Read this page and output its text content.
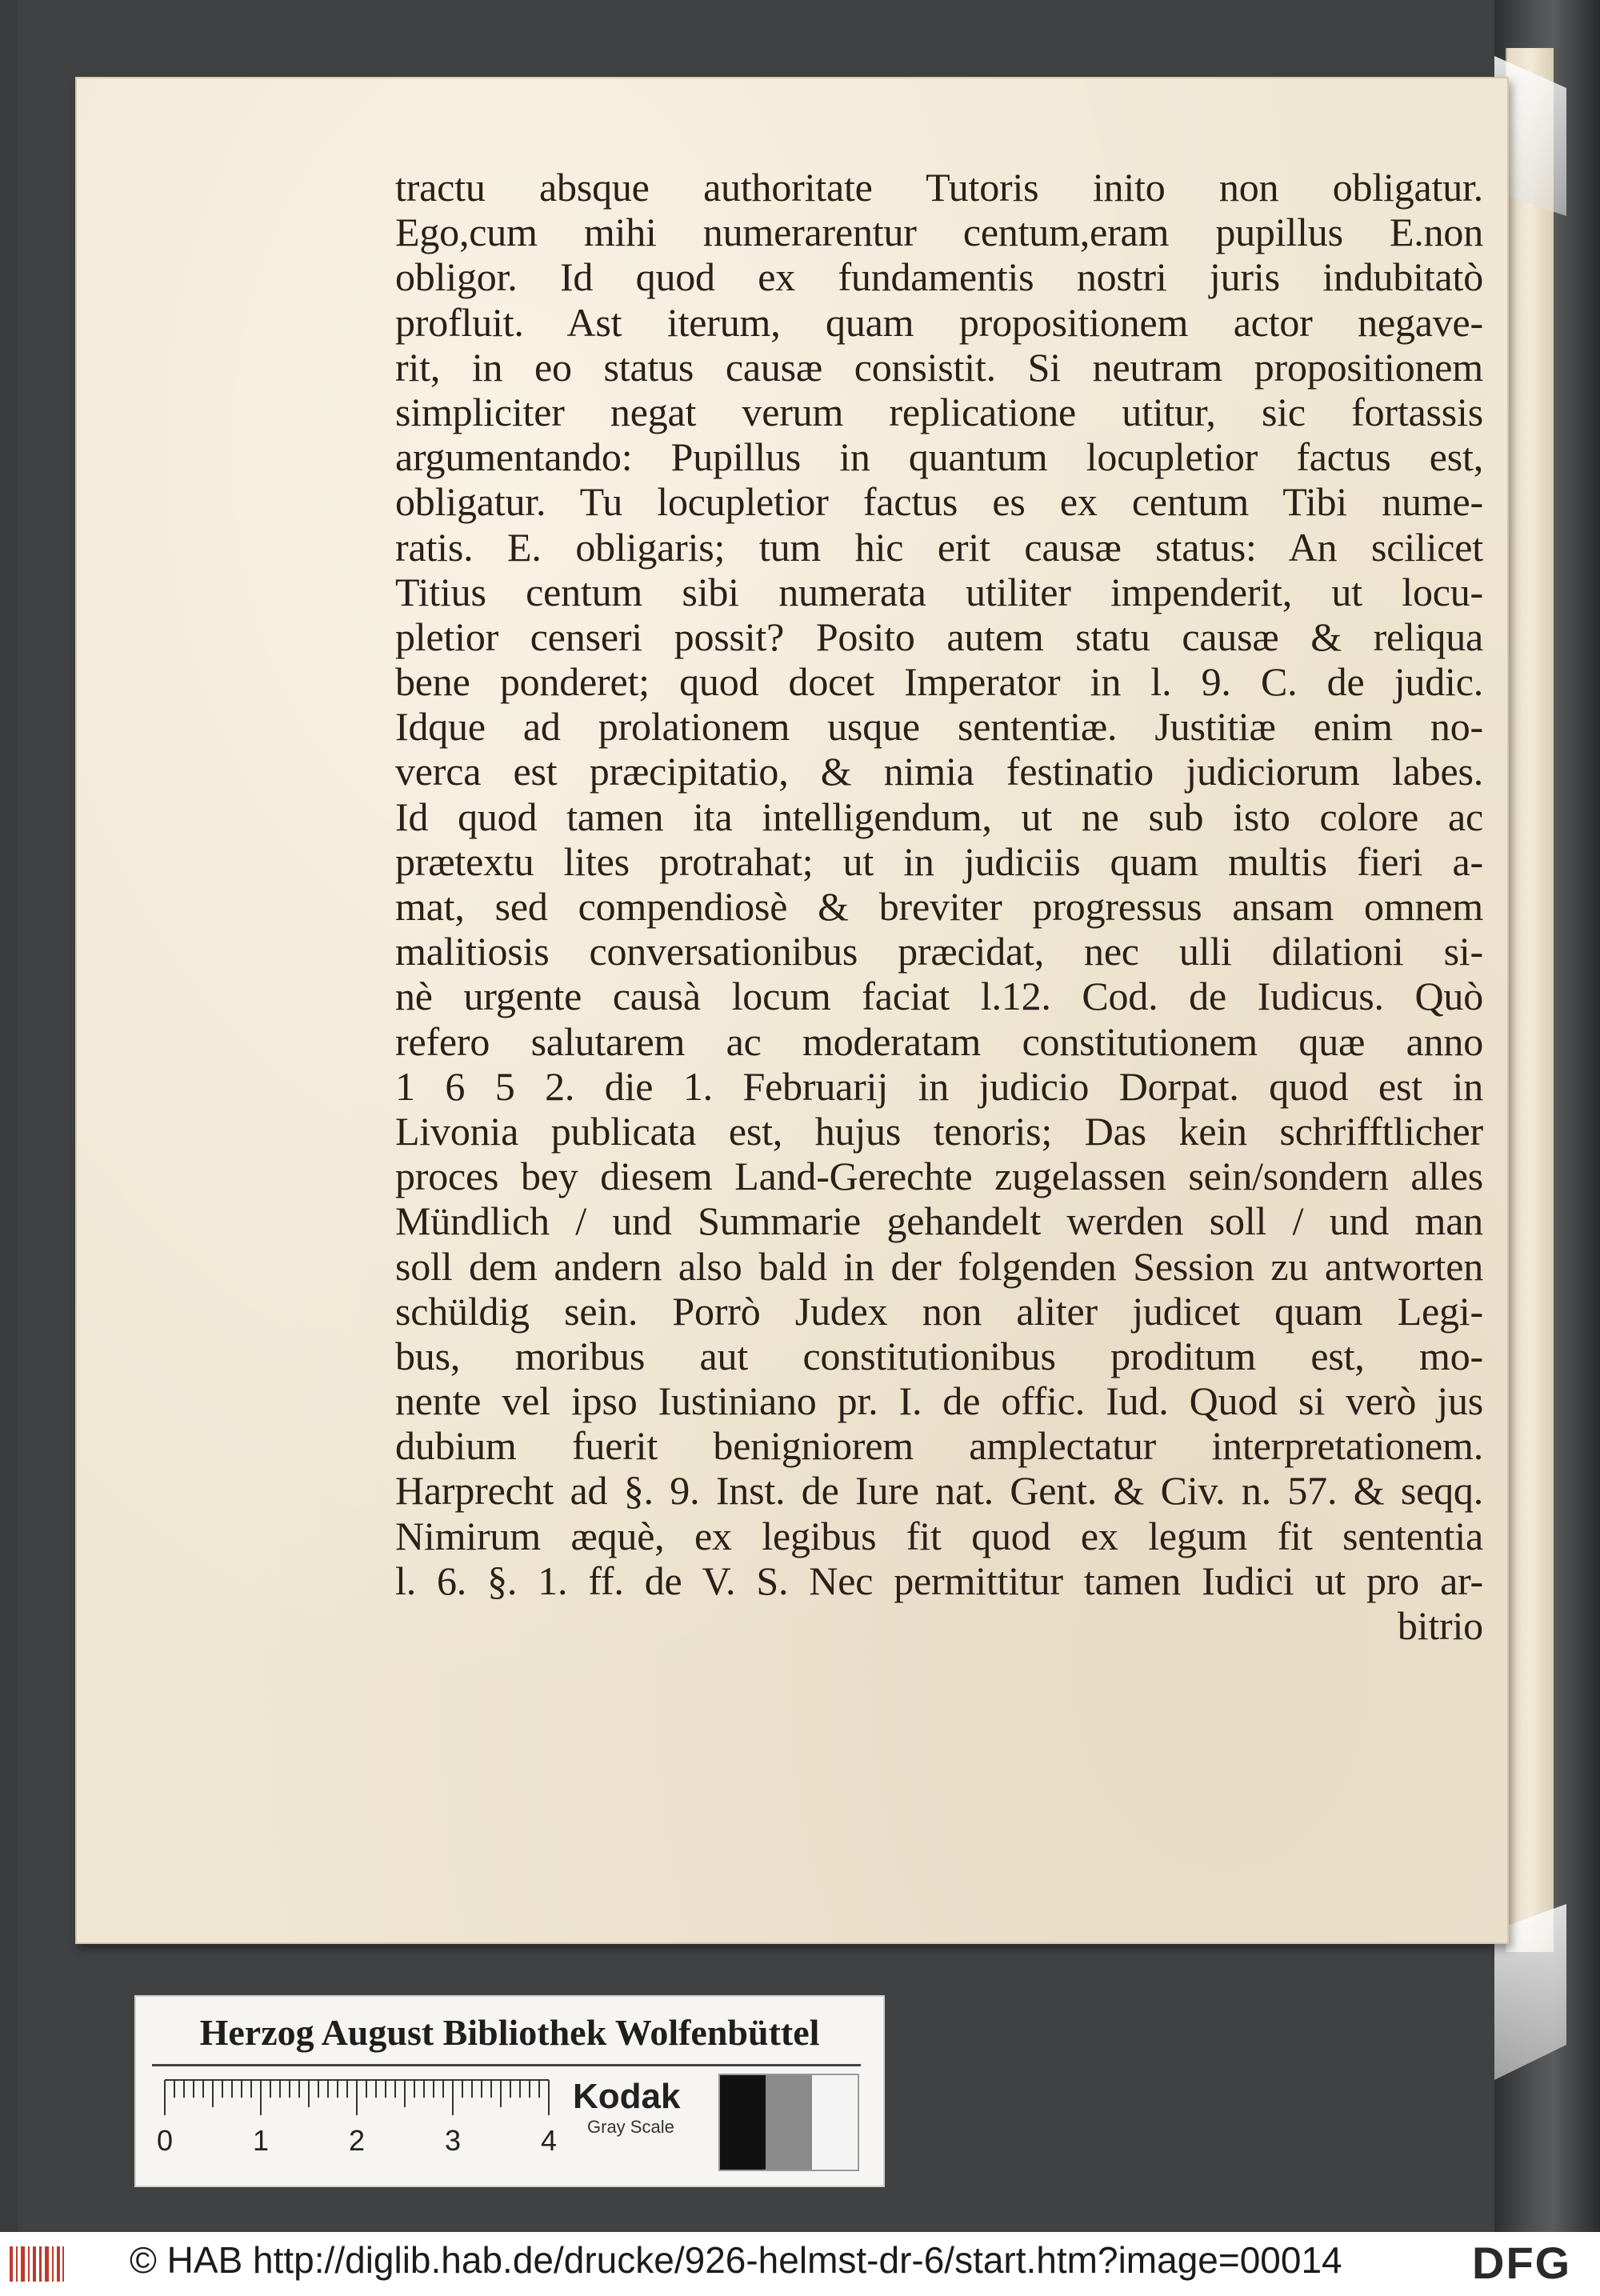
tractu absque authoritate Tutoris inito non obligatur.
Ego,cum mihi numerarentur centum,eram pupillus E.non
obligor. Id quod ex fundamentis nostri juris indubitatò
profluit. Ast iterum, quam propositionem actor negave-
rit, in eo status causæ consistit. Si neutram propositionem
simpliciter negat verum replicatione utitur, sic fortassis
argumentando: Pupillus in quantum locupletior factus est,
obligatur. Tu locupletior factus es ex centum Tibi nume-
ratis. E. obligaris; tum hic erit causæ status: An scilicet
Titius centum sibi numerata utiliter impenderit, ut locu-
pletior censeri possit? Posito autem statu causæ & reliqua
bene ponderet; quod docet Imperator in l. 9. C. de judic.
Idque ad prolationem usque sententiæ. Justitiæ enim no-
verca est præcipitatio, & nimia festinatio judiciorum labes.
Id quod tamen ita intelligendum, ut ne sub isto colore ac
prætextu lites protrahat; ut in judiciis quam multis fieri a-
mat, sed compendiosè & breviter progressus ansam omnem
malitiosis conversationibus præcidat, nec ulli dilationi si-
nè urgente causà locum faciat l.12. Cod. de Iudicus. Quò
refero salutarem ac moderatam constitutionem quæ anno
1 6 5 2. die 1. Februarij in judicio Dorpat. quod est in
Livonia publicata est, hujus tenoris; Das kein schrifftlicher
proces bey diesem Land-Gerechte zugelassen sein/sondern alles
Mündlich / und Summarie gehandelt werden soll / und man
soll dem andern also bald in der folgenden Session zu antworten
schüldig sein. Porrò Judex non aliter judicet quam Legi-
bus, moribus aut constitutionibus proditum est, mo-
nente vel ipso Iustiniano pr. I. de offic. Iud. Quod si verò jus
dubium fuerit benigniorem amplectatur interpretationem.
Harprecht ad §. 9. Inst. de Iure nat. Gent. & Civ. n. 57. & seqq.
Nimirum æquè, ex legibus fit quod ex legum fit sententia
l. 6. §. 1. ff. de V. S. Nec permittitur tamen Iudici ut pro ar-
bitrio
Herzog August Bibliothek Wolfenbüttel
0	1	2	3	4
Kodak
Gray Scale
© HAB http://diglib.hab.de/drucke/926-helmst-dr-6/start.htm?image=00014	DFG
